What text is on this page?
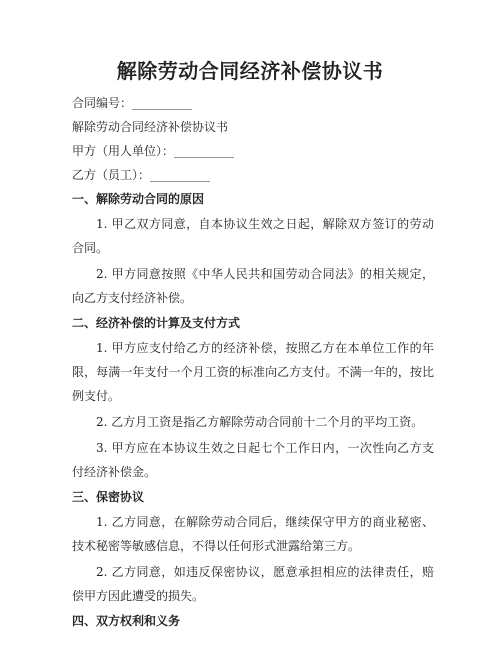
解除劳动合同经济补偿协议书

合同编号：__________

解除劳动合同经济补偿协议书

甲方（用人单位）：__________

乙方（员工）：__________

一、解除劳动合同的原因

1. 甲乙双方同意，自本协议生效之日起，解除双方签订的劳动合同。

2. 甲方同意按照《中华人民共和国劳动合同法》的相关规定，向乙方支付经济补偿。

二、经济补偿的计算及支付方式

1. 甲方应支付给乙方的经济补偿，按照乙方在本单位工作的年限，每满一年支付一个月工资的标准向乙方支付。不满一年的，按比例支付。

2. 乙方月工资是指乙方解除劳动合同前十二个月的平均工资。

3. 甲方应在本协议生效之日起七个工作日内，一次性向乙方支付经济补偿金。

三、保密协议

1. 乙方同意，在解除劳动合同后，继续保守甲方的商业秘密、技术秘密等敏感信息，不得以任何形式泄露给第三方。

2. 乙方同意，如违反保密协议，愿意承担相应的法律责任，赔偿甲方因此遭受的损失。

四、双方权利和义务
